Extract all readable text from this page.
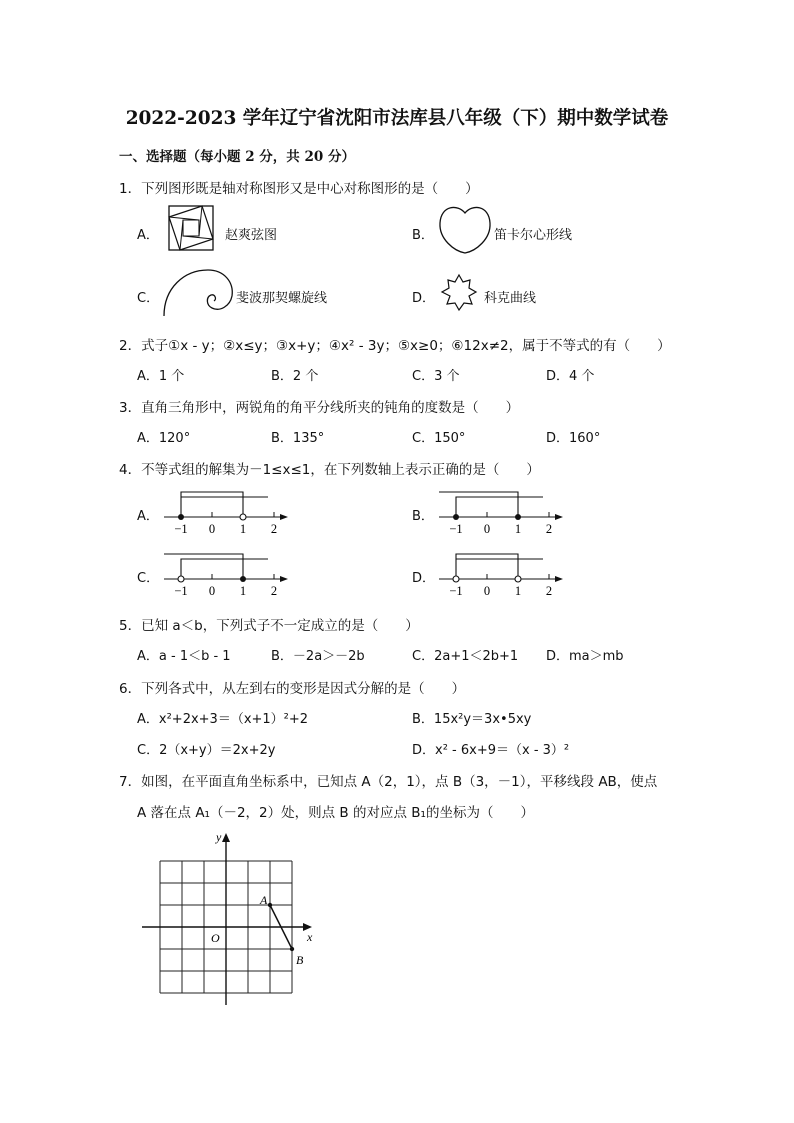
2022-2023 学年辽宁省沈阳市法库县八年级（下）期中数学试卷
一、选择题（每小题 2 分，共 20 分）
1．下列图形既是轴对称图形又是中心对称图形的是（　　）
A．	赵爽弦图	B．	笛卡尔心形线
C．	斐波那契螺旋线	D．	科克曲线
2．式子①x - y；②x≤y；③x+y；④x² - 3y；⑤x≥0；⑥12x≠2，属于不等式的有（　　）
A．1 个	B．2 个	C．3 个	D．4 个
3．直角三角形中，两锐角的角平分线所夹的钝角的度数是（　　）
A．120°	B．135°	C．150°	D．160°
4．不等式组的解集为－1≤x≤1，在下列数轴上表示正确的是（　　）
A．
−1 0 1 2
B．
−1 0 1 2
C．
−1 0 1 2
D．
−1 0 1 2
5．已知 a＜b，下列式子不一定成立的是（　　）
A．a - 1＜b - 1	B．－2a＞－2b	C．2a+1＜2b+1 D．ma＞mb
6．下列各式中，从左到右的变形是因式分解的是（　　）
A．x²+2x+3＝（x+1）²+2	B．15x²y＝3x•5xy
C．2（x+y）＝2x+2y	D．x² - 6x+9＝（x - 3）²
7．如图，在平面直角坐标系中，已知点 A（2，1），点 B（3，－1），平移线段 AB，使点
A 落在点 A₁（－2，2）处，则点 B 的对应点 B₁的坐标为（　　）
y
x
O
A
B
